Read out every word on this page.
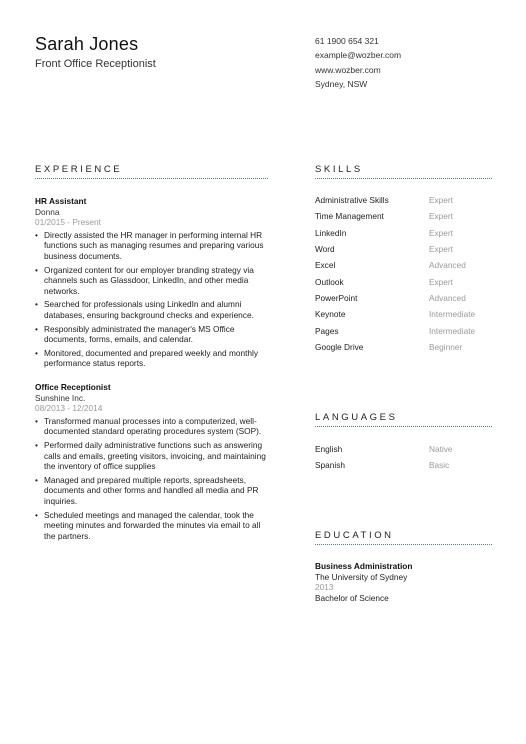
Sarah Jones
Front Office Receptionist
61 1900 654 321
example@wozber.com
www.wozber.com
Sydney, NSW
EXPERIENCE
HR Assistant
Donna
01/2015 - Present
• Directly assisted the HR manager in performing internal HR functions such as managing resumes and preparing various business documents.
• Organized content for our employer branding strategy via channels such as Glassdoor, LinkedIn, and other media networks.
• Searched for professionals using LinkedIn and alumni databases, ensuring background checks and experience.
• Responsibly administrated the manager's MS Office documents, forms, emails, and calendar.
• Monitored, documented and prepared weekly and monthly performance status reports.
Office Receptionist
Sunshine Inc.
08/2013 - 12/2014
• Transformed manual processes into a computerized, well-documented standard operating procedures system (SOP).
• Performed daily administrative functions such as answering calls and emails, greeting visitors, invoicing, and maintaining the inventory of office supplies
• Managed and prepared multiple reports, spreadsheets, documents and other forms and handled all media and PR inquiries.
• Scheduled meetings and managed the calendar, took the meeting minutes and forwarded the minutes via email to all the partners.
SKILLS
Administrative Skills	Expert
Time Management	Expert
LinkedIn	Expert
Word	Expert
Excel	Advanced
Outlook	Expert
PowerPoint	Advanced
Keynote	Intermediate
Pages	Intermediate
Google Drive	Beginner
LANGUAGES
English	Native
Spanish	Basic
EDUCATION
Business Administration
The University of Sydney
2013
Bachelor of Science
